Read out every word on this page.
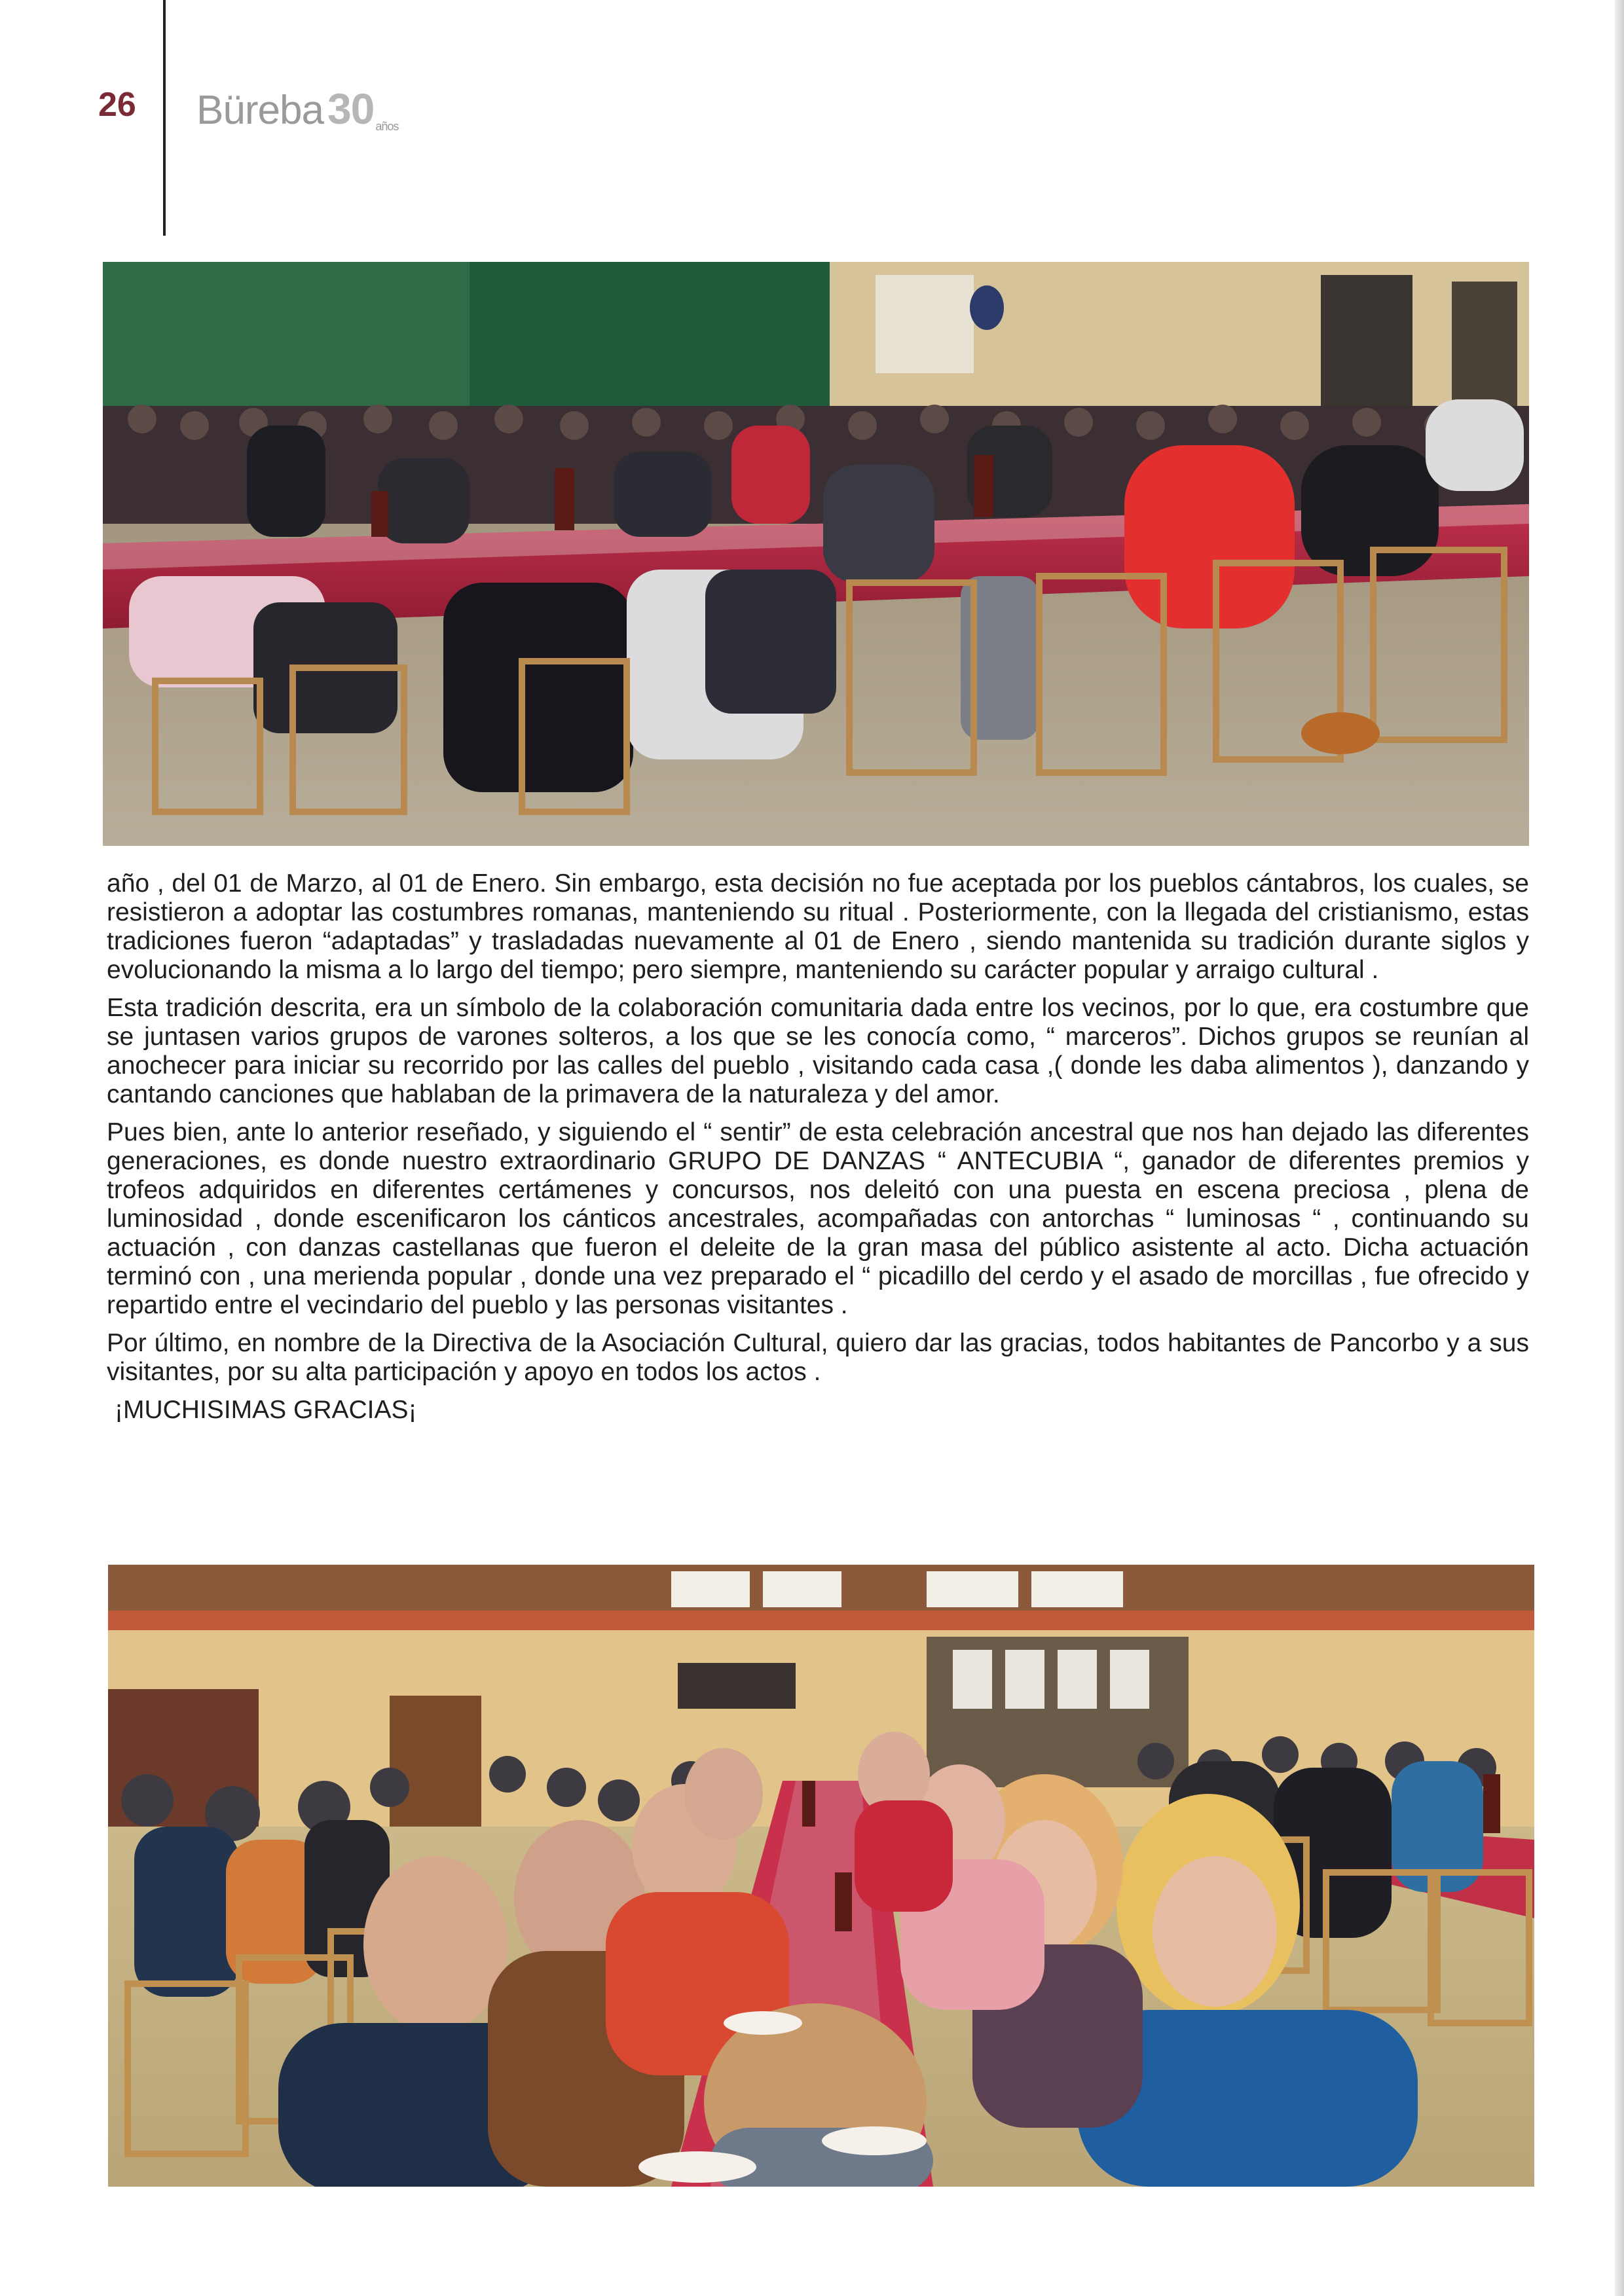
26 Büreba30 años

año , del 01 de Marzo, al 01 de Enero. Sin embargo, esta decisión no fue aceptada por los pueblos cántabros, los cuales, se resistieron a adoptar las costumbres romanas, manteniendo su ritual . Posteriormente, con la llegada del cristianismo, estas tradiciones fueron “adaptadas” y trasladadas nuevamente al 01 de Enero , siendo mantenida su tradición durante siglos y evolucionando la misma a lo largo del tiempo; pero siempre, manteniendo su carácter popular y arraigo cultural .

Esta tradición descrita, era un símbolo de la colaboración comunitaria dada entre los vecinos, por lo que, era costumbre que se juntasen varios grupos de varones solteros, a los que se les conocía como, “ marceros”. Dichos grupos se reunían al anochecer para iniciar su recorrido por las calles del pueblo , visitando cada casa ,( donde les daba alimentos ), danzando y cantando canciones que hablaban de la primavera de la naturaleza y del amor.

Pues bien, ante lo anterior reseñado, y siguiendo el “ sentir” de esta celebración ancestral que nos han dejado las diferentes generaciones, es donde nuestro extraordinario GRUPO DE DANZAS “ ANTECUBIA “, ganador de diferentes premios y trofeos adquiridos en diferentes certámenes y concursos, nos deleitó con una puesta en escena preciosa , plena de luminosidad , donde escenificaron los cánticos ancestrales, acompañadas con antorchas “ luminosas “ , continuando su actuación , con danzas castellanas que fueron el deleite de la gran masa del público asistente al acto. Dicha actuación terminó con , una merienda popular , donde una vez preparado el “ picadillo del cerdo y el asado de morcillas , fue ofrecido y repartido entre el vecindario del pueblo y las personas visitantes .

Por último, en nombre de la Directiva de la Asociación Cultural, quiero dar las gracias, todos habitantes de Pancorbo y a sus visitantes, por su alta participación y apoyo en todos los actos .

¡MUCHISIMAS GRACIAS¡
